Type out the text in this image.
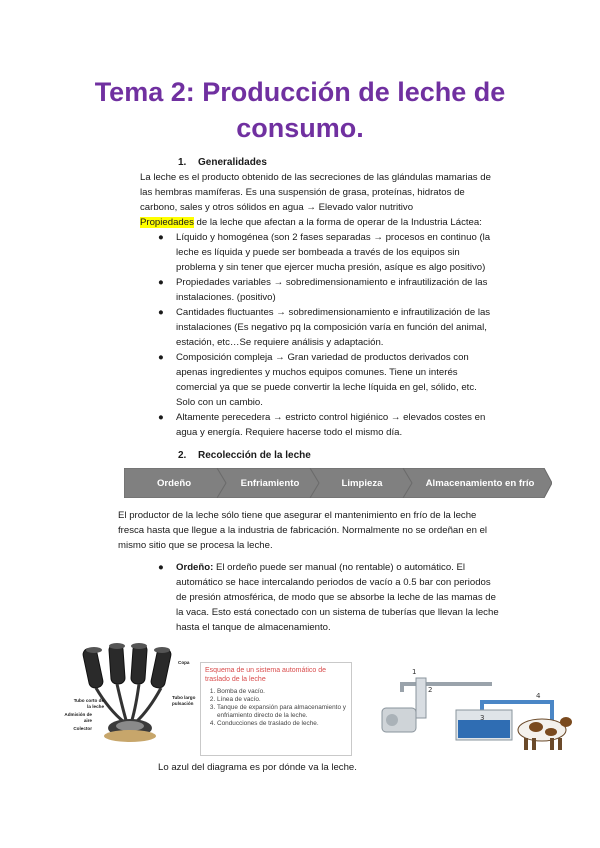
Tema 2: Producción de leche de
consumo.
1. Generalidades
La leche es el producto obtenido de las secreciones de las glándulas mamarias de
las hembras mamíferas. Es una suspensión de grasa, proteínas, hidratos de
carbono, sales y otros sólidos en agua → Elevado valor nutritivo
Propiedades de la leche que afectan a la forma de operar de la Industria Láctea:
● Líquido y homogénea (son 2 fases separadas → procesos en continuo (la
leche es líquida y puede ser bombeada a través de los equipos sin
problema y sin tener que ejercer mucha presión, asíque es algo positivo)
● Propiedades variables → sobredimensionamiento e infrautilización de las
instalaciones. (positivo)
● Cantidades fluctuantes → sobredimensionamiento e infrautilización de las
instalaciones (Es negativo pq la composición varía en función del animal,
estación, etc…Se requiere análisis y adaptación.
● Composición compleja → Gran variedad de productos derivados con
apenas ingredientes y muchos equipos comunes. Tiene un interés
comercial ya que se puede convertir la leche líquida en gel, sólido, etc.
Solo con un cambio.
● Altamente perecedera → estricto control higiénico → elevados costes en
agua y energía. Requiere hacerse todo el mismo día.
2. Recolección de la leche
Ordeño	Enfriamiento	Limpieza	Almacenamiento en frío
El productor de la leche sólo tiene que asegurar el mantenimiento en frío de la leche
fresca hasta que llegue a la industria de fabricación. Normalmente no se ordeñan en el
mismo sitio que se procesa la leche.
● Ordeño: El ordeño puede ser manual (no rentable) o automático. El
automático se hace intercalando periodos de vacío a 0.5 bar con periodos
de presión atmosférica, de modo que se absorbe la leche de las mamas de
la vaca. Esto está conectado con un sistema de tuberías que llevan la leche
hasta el tanque de almacenamiento.
Copa
Tubo corto de la leche
Tubo largo pulsación
Admisión de aire
Colector
Esquema de un sistema automático de traslado de la leche
1. Bomba de vacío.
2. Línea de vacío.
3. Tanque de expansión para almacenamiento y enfriamiento directo de la leche.
4. Conducciones de traslado de leche.
1
2
3
4
Lo azul del diagrama es por dónde va la leche.
